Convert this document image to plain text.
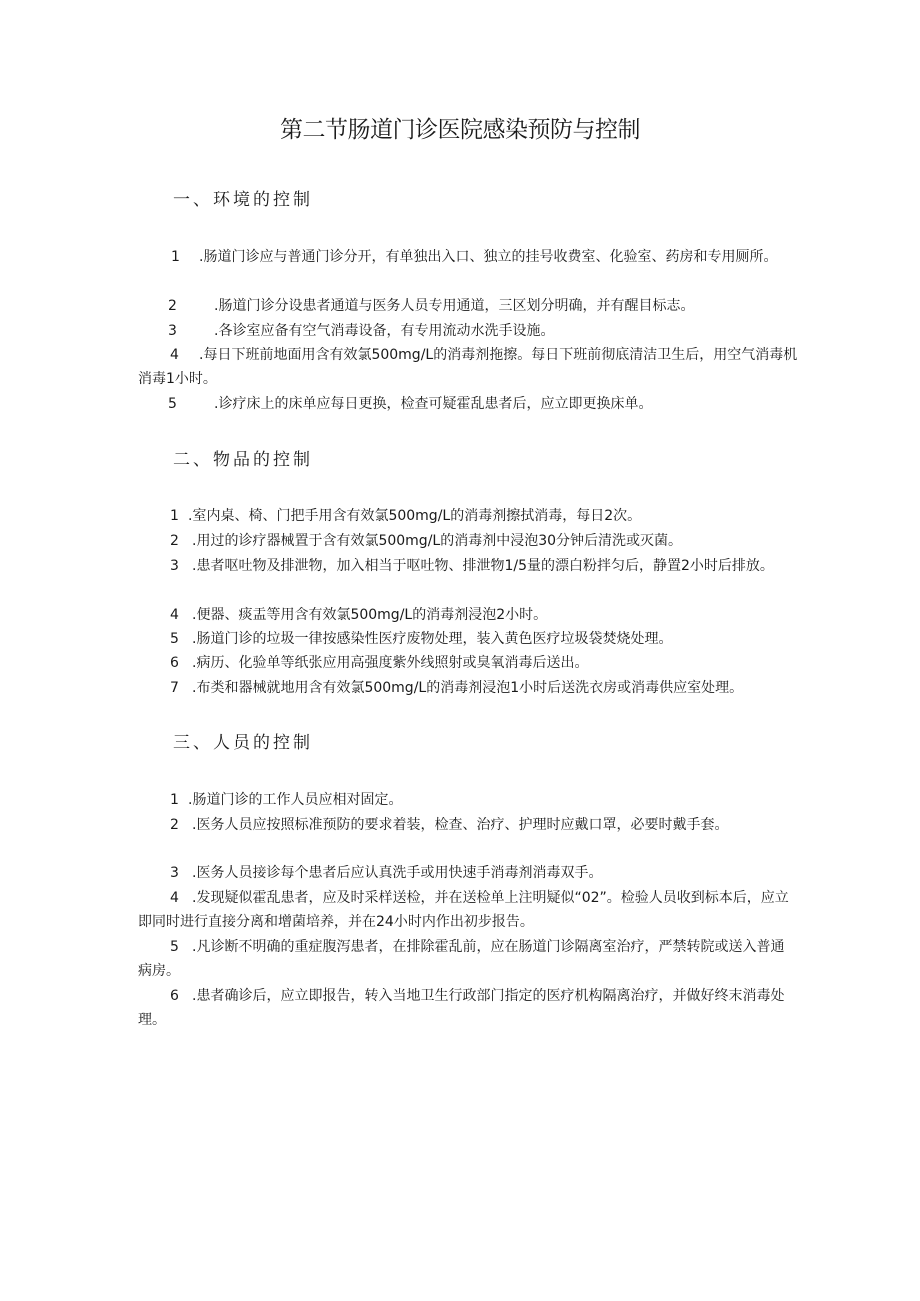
第二节肠道门诊医院感染预防与控制
一、环境的控制

1 .肠道门诊应与普通门诊分开，有单独出入口、独立的挂号收费室、化验室、药房和专用厕所。

2	.肠道门诊分设患者通道与医务人员专用通道，三区划分明确，并有醒目标志。

3	.各诊室应备有空气消毒设备，有专用流动水洗手设施。

4 .每日下班前地面用含有效氯500mg/L的消毒剂拖擦。每日下班前彻底清洁卫生后，用空气消毒机消毒1小时。

5	.诊疗床上的床单应每日更换，检查可疑霍乱患者后，应立即更换床单。

二、物品的控制

1 .室内桌、椅、门把手用含有效氯500mg/L的消毒剂擦拭消毒，每日2次。

2 .用过的诊疗器械置于含有效氯500mg/L的消毒剂中浸泡30分钟后清洗或灭菌。

3 .患者呕吐物及排泄物，加入相当于呕吐物、排泄物1/5量的漂白粉拌匀后，静置2小时后排放。

4 .便器、痰盂等用含有效氯500mg/L的消毒剂浸泡2小时。

5 .肠道门诊的垃圾一律按感染性医疗废物处理，装入黄色医疗垃圾袋焚烧处理。

6 .病历、化验单等纸张应用高强度紫外线照射或臭氧消毒后送出。

7 .布类和器械就地用含有效氯500mg/L的消毒剂浸泡1小时后送洗衣房或消毒供应室处理。

三、人员的控制

1 .肠道门诊的工作人员应相对固定。

2 .医务人员应按照标准预防的要求着装，检查、治疗、护理时应戴口罩，必要时戴手套。

3 .医务人员接诊每个患者后应认真洗手或用快速手消毒剂消毒双手。

4 .发现疑似霍乱患者，应及时采样送检，并在送检单上注明疑似“02”。检验人员收到标本后，应立即同时进行直接分离和增菌培养，并在24小时内作出初步报告。

5 .凡诊断不明确的重症腹泻患者，在排除霍乱前，应在肠道门诊隔离室治疗，严禁转院或送入普通病房。

6 .患者确诊后，应立即报告，转入当地卫生行政部门指定的医疗机构隔离治疗，并做好终末消毒处理。
